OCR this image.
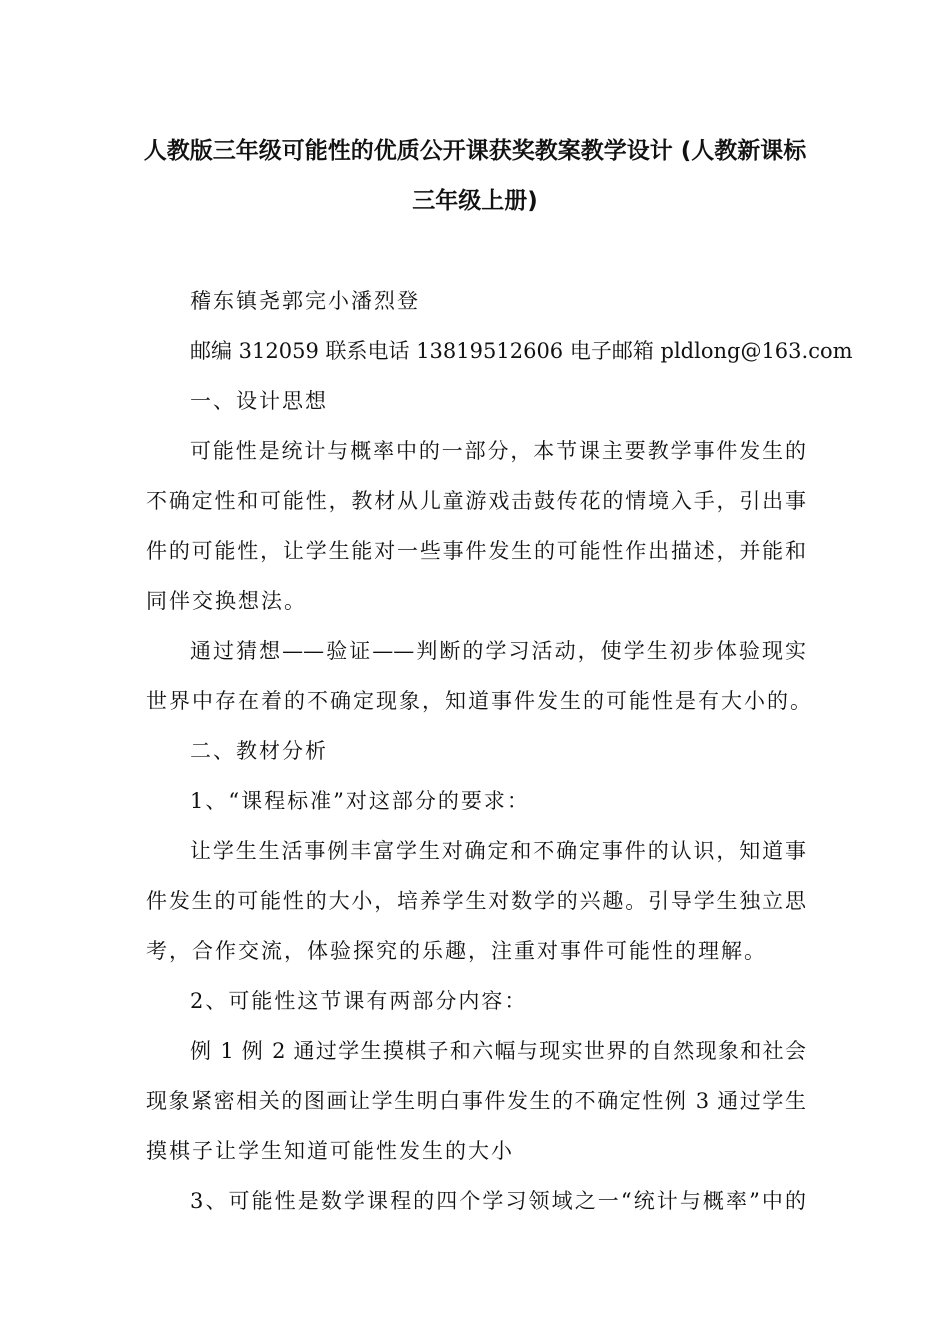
人教版三年级可能性的优质公开课获奖教案教学设计 (人教新课标
三年级上册)
稽东镇尧郭完小潘烈登
邮编 312059 联系电话 13819512606 电子邮箱 pldlong@163.com
一、设计思想
可能性是统计与概率中的一部分，本节课主要教学事件发生的
不确定性和可能性，教材从儿童游戏击鼓传花的情境入手，引出事
件的可能性，让学生能对一些事件发生的可能性作出描述，并能和
同伴交换想法。
通过猜想——验证——判断的学习活动，使学生初步体验现实
世界中存在着的不确定现象，知道事件发生的可能性是有大小的。
二、教材分析
1、“课程标准”对这部分的要求：
让学生生活事例丰富学生对确定和不确定事件的认识，知道事
件发生的可能性的大小，培养学生对数学的兴趣。引导学生独立思
考，合作交流，体验探究的乐趣，注重对事件可能性的理解。
2、可能性这节课有两部分内容：
例 1 例 2 通过学生摸棋子和六幅与现实世界的自然现象和社会
现象紧密相关的图画让学生明白事件发生的不确定性例 3 通过学生
摸棋子让学生知道可能性发生的大小
3、可能性是数学课程的四个学习领域之一“统计与概率”中的
